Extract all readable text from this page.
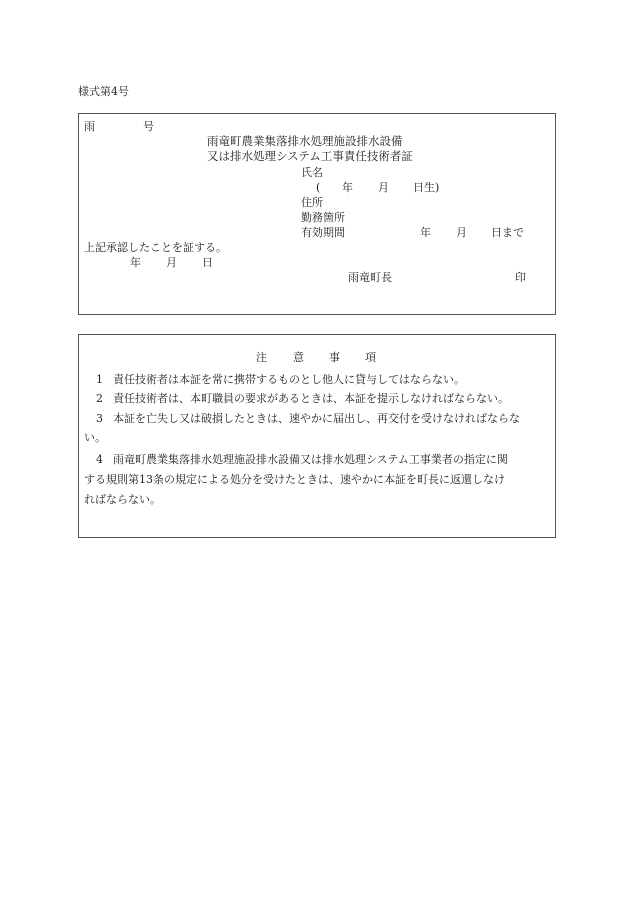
様式第4号
雨	号
雨竜町農業集落排水処理施設排水設備
又は排水処理システム工事責任技術者証
氏名
( 年 月 日生)
住所
勤務箇所
有効期間	年 月 日まで
上記承認したことを証する。
年 月 日
雨竜町長	印
注 意 事 項
1 責任技術者は本証を常に携帯するものとし他人に貸与してはならない。
2 責任技術者は、本町職員の要求があるときは、本証を提示しなければならない。
3 本証を亡失し又は破損したときは、速やかに届出し、再交付を受けなければならな
い。
4 雨竜町農業集落排水処理施設排水設備又は排水処理システム工事業者の指定に関
する規則第13条の規定による処分を受けたときは、速やかに本証を町長に返還しなけ
ればならない。
